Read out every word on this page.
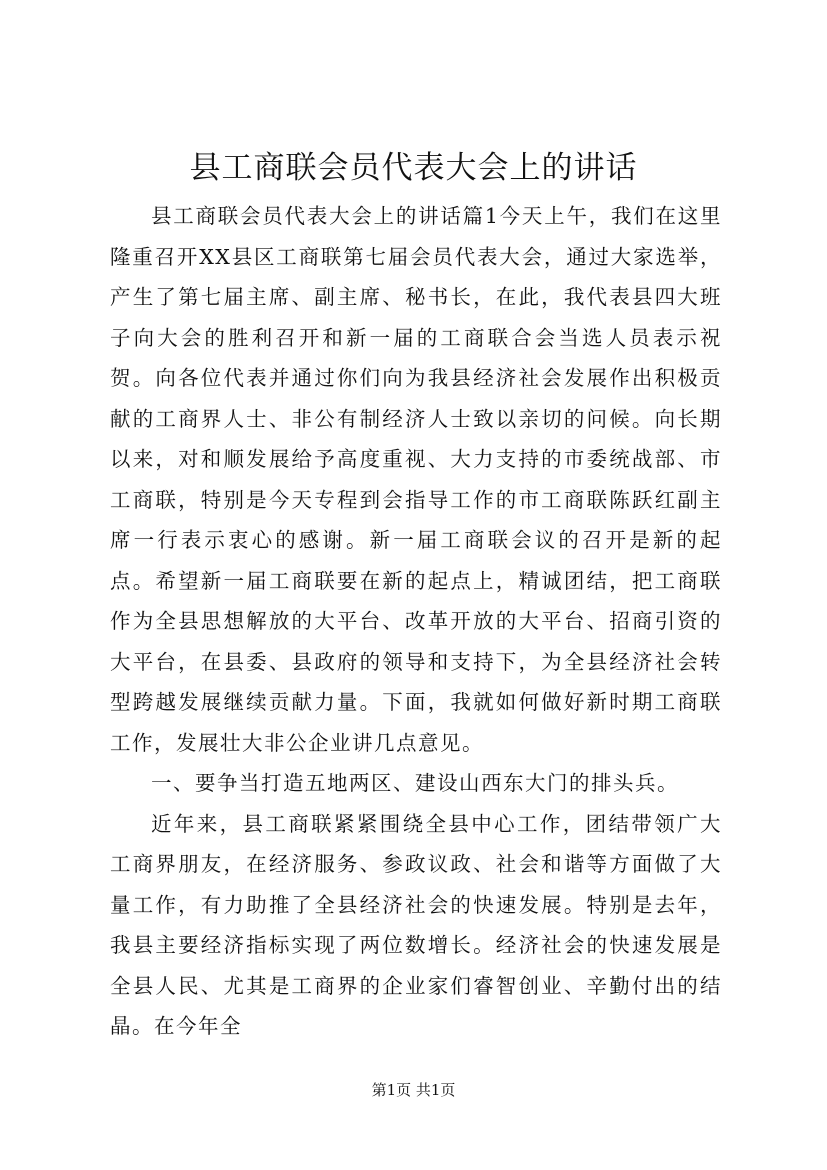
县工商联会员代表大会上的讲话

县工商联会员代表大会上的讲话篇1今天上午，我们在这里隆重召开XX县区工商联第七届会员代表大会，通过大家选举，产生了第七届主席、副主席、秘书长，在此，我代表县四大班子向大会的胜利召开和新一届的工商联合会当选人员表示祝贺。向各位代表并通过你们向为我县经济社会发展作出积极贡献的工商界人士、非公有制经济人士致以亲切的问候。向长期以来，对和顺发展给予高度重视、大力支持的市委统战部、市工商联，特别是今天专程到会指导工作的市工商联陈跃红副主席一行表示衷心的感谢。新一届工商联会议的召开是新的起点。希望新一届工商联要在新的起点上，精诚团结，把工商联作为全县思想解放的大平台、改革开放的大平台、招商引资的大平台，在县委、县政府的领导和支持下，为全县经济社会转型跨越发展继续贡献力量。下面，我就如何做好新时期工商联工作，发展壮大非公企业讲几点意见。

一、要争当打造五地两区、建设山西东大门的排头兵。

近年来，县工商联紧紧围绕全县中心工作，团结带领广大工商界朋友，在经济服务、参政议政、社会和谐等方面做了大量工作，有力助推了全县经济社会的快速发展。特别是去年，我县主要经济指标实现了两位数增长。经济社会的快速发展是全县人民、尤其是工商界的企业家们睿智创业、辛勤付出的结晶。在今年全

第1页 共1页
